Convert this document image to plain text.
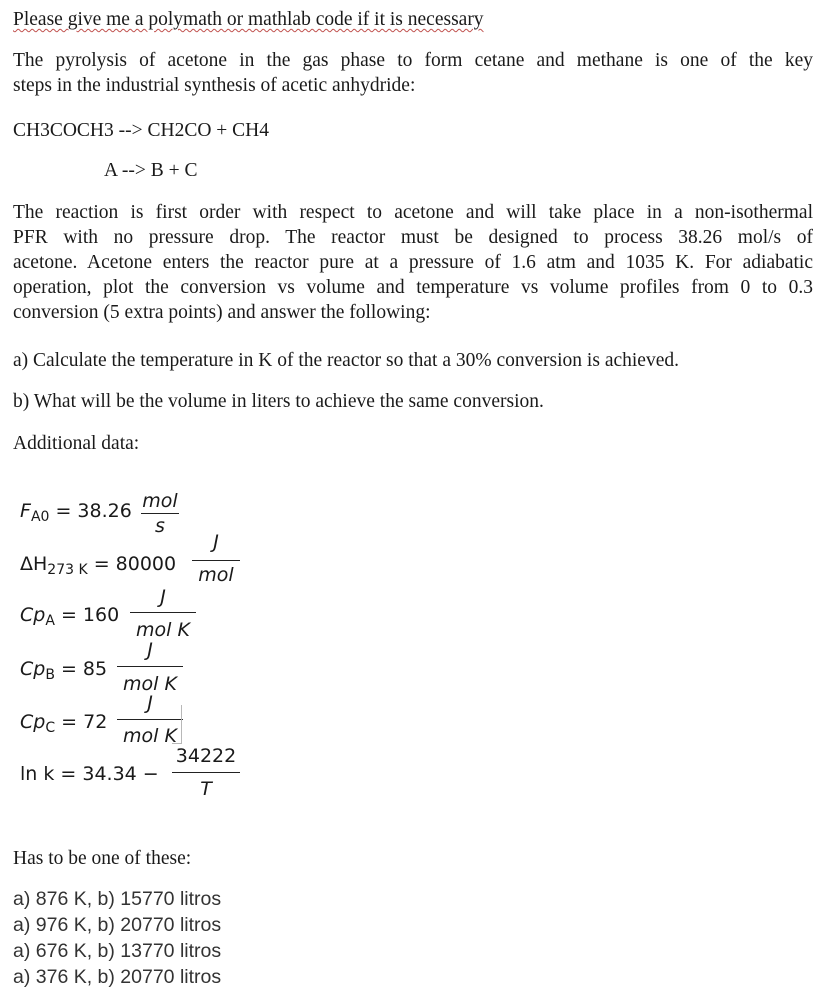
Please give me a polymath or mathlab code if it is necessary
The pyrolysis of acetone in the gas phase to form cetane and methane is one of the key
steps in the industrial synthesis of acetic anhydride:
CH3COCH3 --> CH2CO + CH4
A --> B + C
The reaction is first order with respect to acetone and will take place in a non-isothermal
PFR with no pressure drop. The reactor must be designed to process 38.26 mol/s of
acetone. Acetone enters the reactor pure at a pressure of 1.6 atm and 1035 K. For adiabatic
operation, plot the conversion vs volume and temperature vs volume profiles from 0 to 0.3
conversion (5 extra points) and answer the following:
a) Calculate the temperature in K of the reactor so that a 30% conversion is achieved.
b) What will be the volume in liters to achieve the same conversion.
Additional data:
$F_{A0} = 38.26$ mol
s
$\Delta H_{273 K} = 80000$
J
mol
$Cp_A = 160$
J
mol K
$Cp_B = 85$
J
mol K
$Cp_C = 72$
J
mol K
ln k = 34.34 −
34222
T
Has to be one of these:
a) 876 K, b) 15770 litros
a) 976 K, b) 20770 litros
a) 676 K, b) 13770 litros
a) 376 K, b) 20770 litros
